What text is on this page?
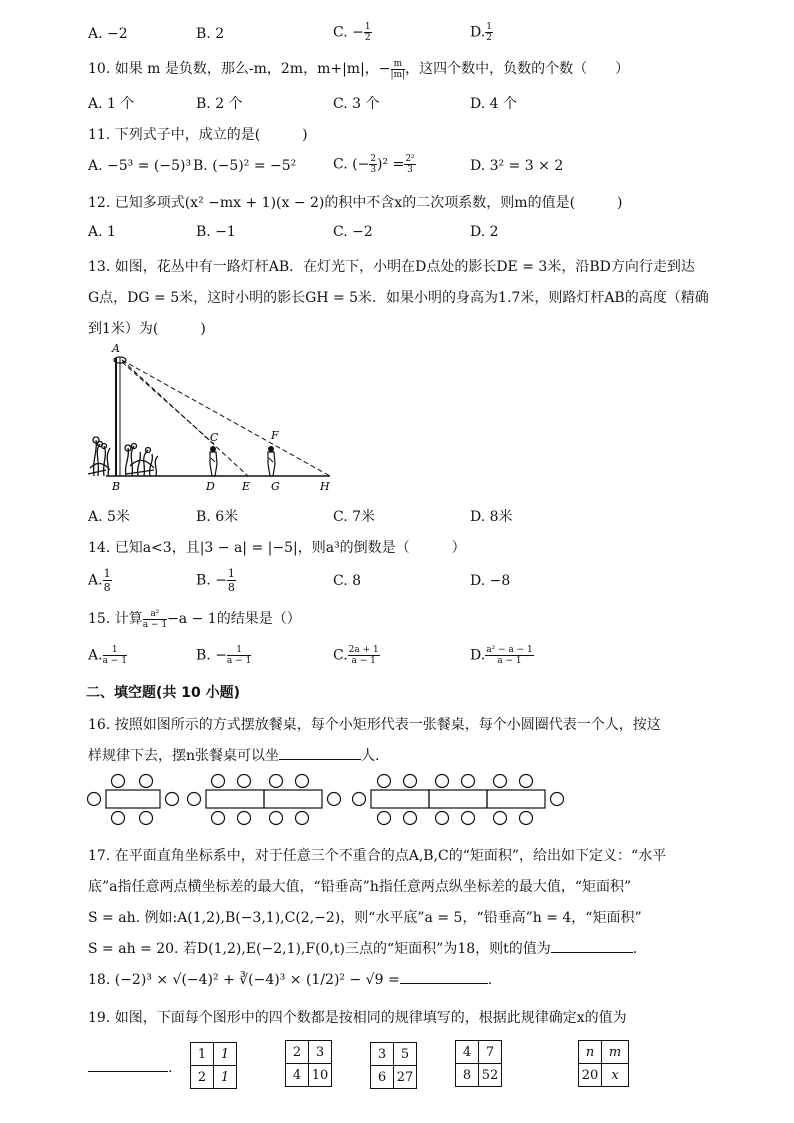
A. −2	B. 2	C. − $\frac{1}{2}$	D. $\frac{1}{2}$
10. 如果 m 是负数，那么-m，2m，m+|m|，− $\frac{m}{|m|}$ ，这四个数中，负数的个数（　　）
A. 1 个	B. 2 个	C. 3 个	D. 4 个
11. 下列式子中，成立的是(　　　)
A. −5³ = (−5)³ B. (−5)² = −5²	C. (− $\frac{2}{3} )^2 = \frac{\text{2²}}{3}$	D. 3² = 3 × 2
12. 已知多项式(x² −mx + 1)(x − 2)的积中不含x的二次项系数，则m的值是(　　　)
A. 1	B. −1	C. −2	D. 2
13. 如图，花丛中有一路灯杆AB．在灯光下，小明在D点处的影长DE = 3米，沿BD方向行走到达
G点，DG = 5米，这时小明的影长GH = 5米．如果小明的身高为1.7米，则路灯杆AB的高度（精确
到1米）为(　　　)
A
B
C
D E
F
G	H
A. 5米	B. 6米	C. 7米	D. 8米
14. 已知a<3，且|3 − a| = |−5|，则a³的倒数是（　　　）
A. $\frac{1}{8}$	B. − $\frac{1}{8}$	C. 8	D. −8
15. 计算 $\frac{\text{a²}}{a - 1} -a - 1$的结果是（）
A. $\frac{1}{a - 1}$	B. − $\frac{1}{a - 1}$	C. $\frac{2a + 1}{a - 1}$	D. $\frac{\text{a² − a − 1}}{a - 1}$
二、填空题(共 10 小题)
16. 按照如图所示的方式摆放餐桌，每个小矩形代表一张餐桌，每个小圆圈代表一个人，按这
样规律下去，摆n张餐桌可以坐	人.
17. 在平面直角坐标系中，对于任意三个不重合的点A,B,C的“矩面积”，给出如下定义：“水平
底”a指任意两点横坐标差的最大值，“铅垂高”h指任意两点纵坐标差的最大值，“矩面积”
S = ah. 例如:A(1,2),B(−3,1),C(2,−2)，则“水平底”a = 5，“铅垂高”h = 4，“矩面积”
S = ah = 20. 若D(1,2),E(−2,1),F(0,t)三点的“矩面积”为18，则t的值为	.
18. (−2)³ × √(−4)² + ∛(−4)³ × (1/2)² − √9 =	.
19. 如图，下面每个图形中的四个数都是按相同的规律填写的，根据此规律确定x的值为
.
1	1
2	1
2	3
4	10
3	5
6	27
4	7
8	52
n	m
20	x
